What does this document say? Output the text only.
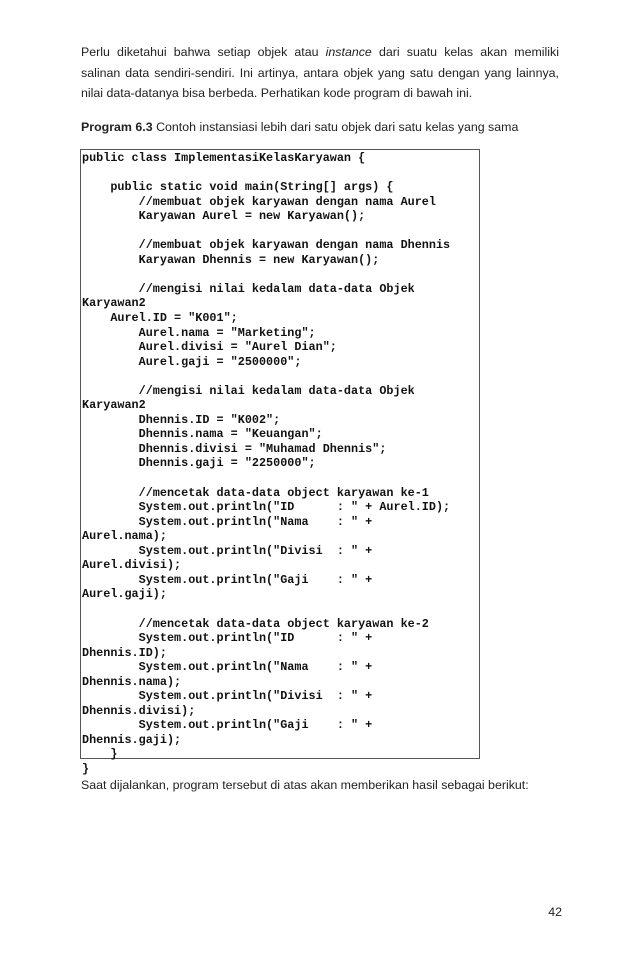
Perlu diketahui bahwa setiap objek atau instance dari suatu kelas akan memiliki salinan data sendiri-sendiri. Ini artinya, antara objek yang satu dengan yang lainnya, nilai data-datanya bisa berbeda. Perhatikan kode program di bawah ini.

Program 6.3 Contoh instansiasi lebih dari satu objek dari satu kelas yang sama

public class ImplementasiKelasKaryawan {

public static void main(String[] args) {
//membuat objek karyawan dengan nama Aurel
Karyawan Aurel = new Karyawan();

//membuat objek karyawan dengan nama Dhennis
Karyawan Dhennis = new Karyawan();

//mengisi nilai kedalam data-data Objek
Karyawan2
Aurel.ID = "K001";
Aurel.nama = "Marketing";
Aurel.divisi = "Aurel Dian";
Aurel.gaji = "2500000";

//mengisi nilai kedalam data-data Objek
Karyawan2
Dhennis.ID = "K002";
Dhennis.nama = "Keuangan";
Dhennis.divisi = "Muhamad Dhennis";
Dhennis.gaji = "2250000";

//mencetak data-data object karyawan ke-1
System.out.println("ID      : " + Aurel.ID);
System.out.println("Nama    : " +
Aurel.nama);
System.out.println("Divisi  : " +
Aurel.divisi);
System.out.println("Gaji    : " +
Aurel.gaji);

//mencetak data-data object karyawan ke-2
System.out.println("ID      : " +
Dhennis.ID);
System.out.println("Nama    : " +
Dhennis.nama);
System.out.println("Divisi  : " +
Dhennis.divisi);
System.out.println("Gaji    : " +
Dhennis.gaji);
}
}

Saat dijalankan, program tersebut di atas akan memberikan hasil sebagai berikut:

42
